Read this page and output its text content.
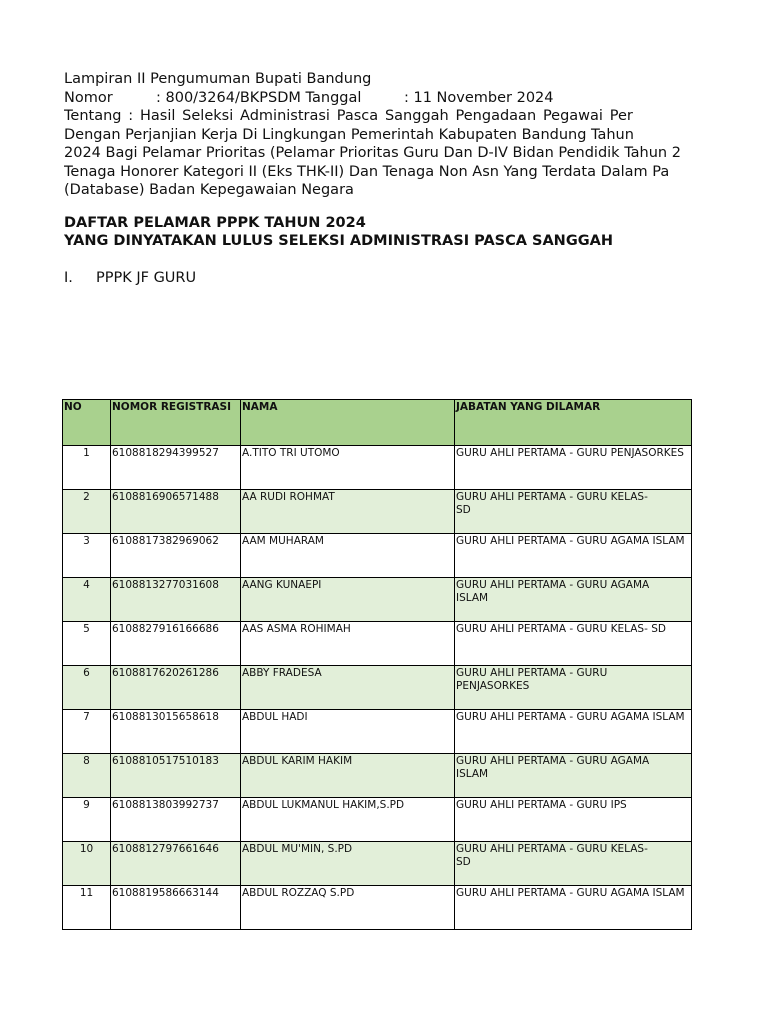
Lampiran II Pengumuman Bupati Bandung
Nomor	: 800/3264/BKPSDM Tanggal	: 11 November 2024
Tentang : Hasil Seleksi Administrasi Pasca Sanggah Pengadaan Pegawai Per
Dengan Perjanjian Kerja Di Lingkungan Pemerintah Kabupaten Bandung Tahun
2024 Bagi Pelamar Prioritas (Pelamar Prioritas Guru Dan D-IV Bidan Pendidik Tahun 2
Tenaga Honorer Kategori II (Eks THK-II) Dan Tenaga Non Asn Yang Terdata Dalam Pa
(Database) Badan Kepegawaian Negara
DAFTAR PELAMAR PPPK TAHUN 2024
YANG DINYATAKAN LULUS SELEKSI ADMINISTRASI PASCA SANGGAH
I. PPPK JF GURU
NO	NOMOR REGISTRASI	NAMA	JABATAN YANG DILAMAR
1	6108818294399527	A.TITO TRI UTOMO	GURU AHLI PERTAMA - GURU PENJASORKES
2	6108816906571488	AA RUDI ROHMAT	GURU AHLI PERTAMA - GURU KELAS-
SD
3	6108817382969062	AAM MUHARAM	GURU AHLI PERTAMA - GURU AGAMA ISLAM
4	6108813277031608	AANG KUNAEPI	GURU AHLI PERTAMA - GURU AGAMA
ISLAM
5	6108827916166686	AAS ASMA ROHIMAH	GURU AHLI PERTAMA - GURU KELAS- SD
6	6108817620261286	ABBY FRADESA	GURU AHLI PERTAMA - GURU
PENJASORKES
7	6108813015658618	ABDUL HADI	GURU AHLI PERTAMA - GURU AGAMA ISLAM
8	6108810517510183	ABDUL KARIM HAKIM	GURU AHLI PERTAMA - GURU AGAMA
ISLAM
9	6108813803992737	ABDUL LUKMANUL HAKIM,S.PD	GURU AHLI PERTAMA - GURU IPS
10	6108812797661646	ABDUL MU'MIN, S.PD	GURU AHLI PERTAMA - GURU KELAS-
SD
11	6108819586663144	ABDUL ROZZAQ S.PD	GURU AHLI PERTAMA - GURU AGAMA ISLAM
